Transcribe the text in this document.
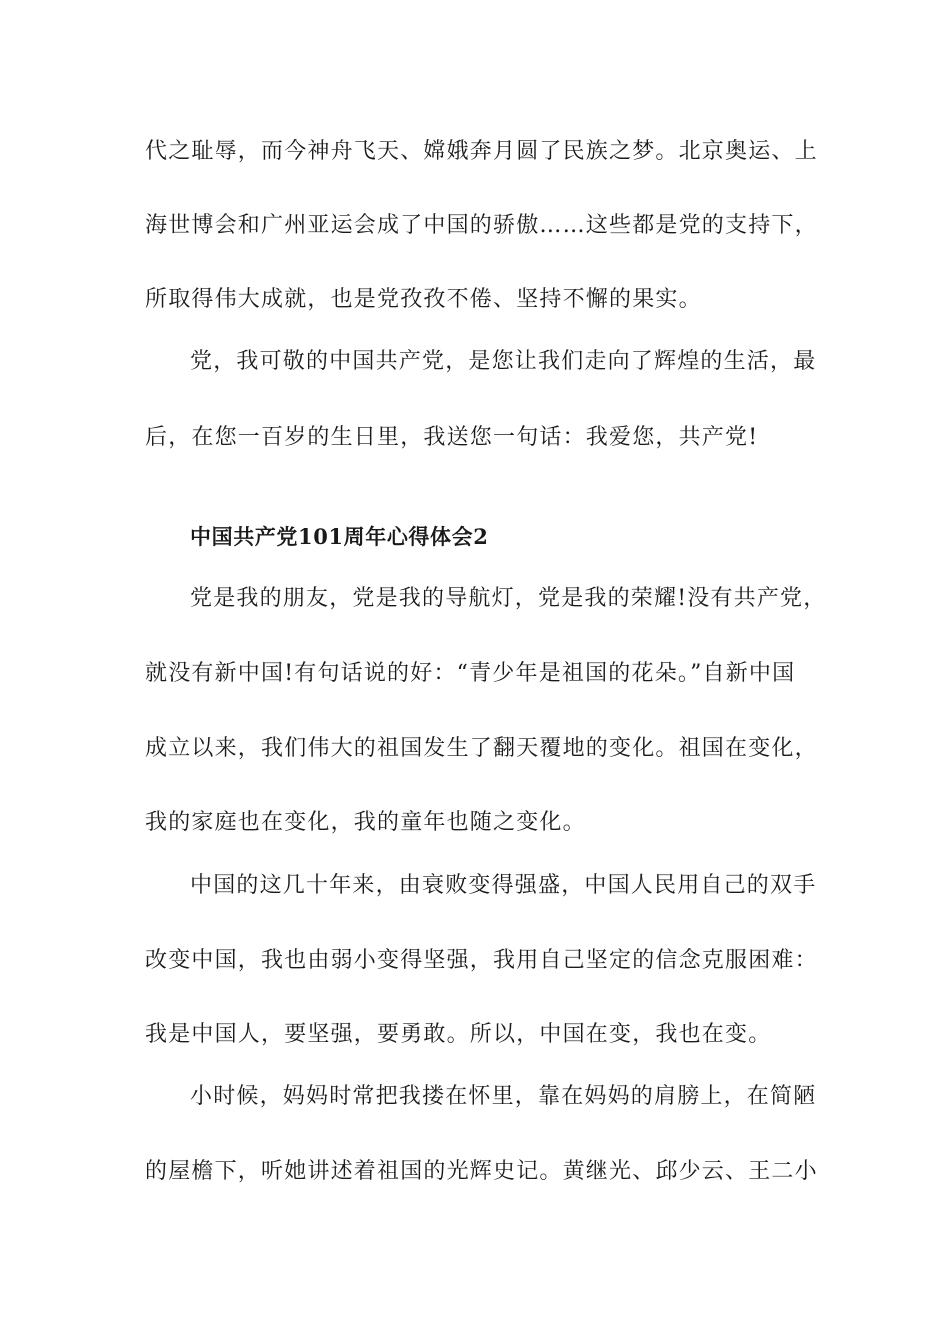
代之耻辱，而今神舟飞天、嫦娥奔月圆了民族之梦。北京奥运、上
海世博会和广州亚运会成了中国的骄傲……这些都是党的支持下，
所取得伟大成就，也是党孜孜不倦、坚持不懈的果实。
党，我可敬的中国共产党，是您让我们走向了辉煌的生活，最
后，在您一百岁的生日里，我送您一句话：我爱您，共产党!
中国共产党101周年心得体会2
党是我的朋友，党是我的导航灯，党是我的荣耀!没有共产党，
就没有新中国!有句话说的好：“青少年是祖国的花朵。”自新中国
成立以来，我们伟大的祖国发生了翻天覆地的变化。祖国在变化，
我的家庭也在变化，我的童年也随之变化。
中国的这几十年来，由衰败变得强盛，中国人民用自己的双手
改变中国，我也由弱小变得坚强，我用自己坚定的信念克服困难：
我是中国人，要坚强，要勇敢。所以，中国在变，我也在变。
小时候，妈妈时常把我搂在怀里，靠在妈妈的肩膀上，在简陋
的屋檐下，听她讲述着祖国的光辉史记。黄继光、邱少云、王二小
